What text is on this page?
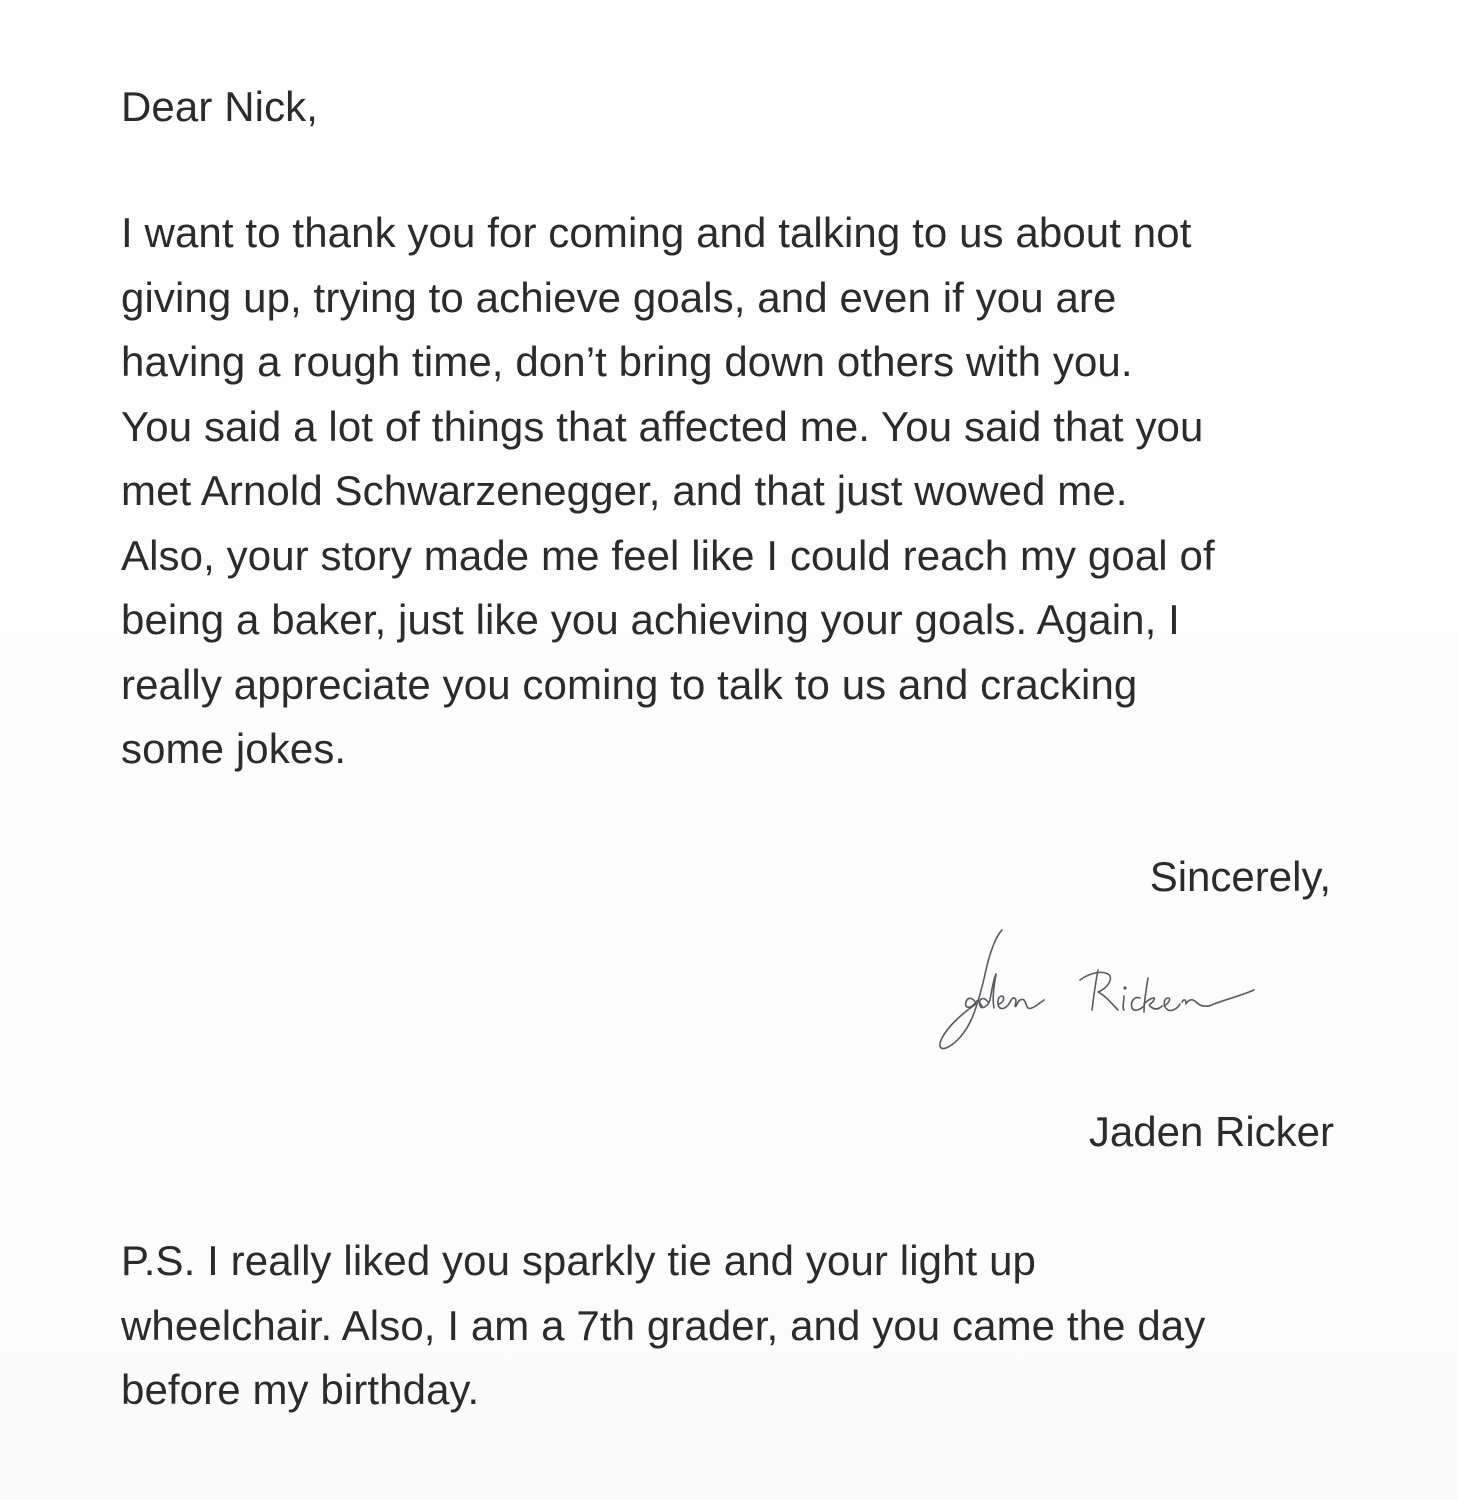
Dear Nick,
I want to thank you for coming and talking to us about not
giving up, trying to achieve goals, and even if you are
having a rough time, don’t bring down others with you.
You said a lot of things that affected me. You said that you
met Arnold Schwarzenegger, and that just wowed me.
Also, your story made me feel like I could reach my goal of
being a baker, just like you achieving your goals. Again, I
really appreciate you coming to talk to us and cracking
some jokes.
Sincerely,
Jaden Ricker
P.S. I really liked you sparkly tie and your light up
wheelchair. Also, I am a 7th grader, and you came the day
before my birthday.
